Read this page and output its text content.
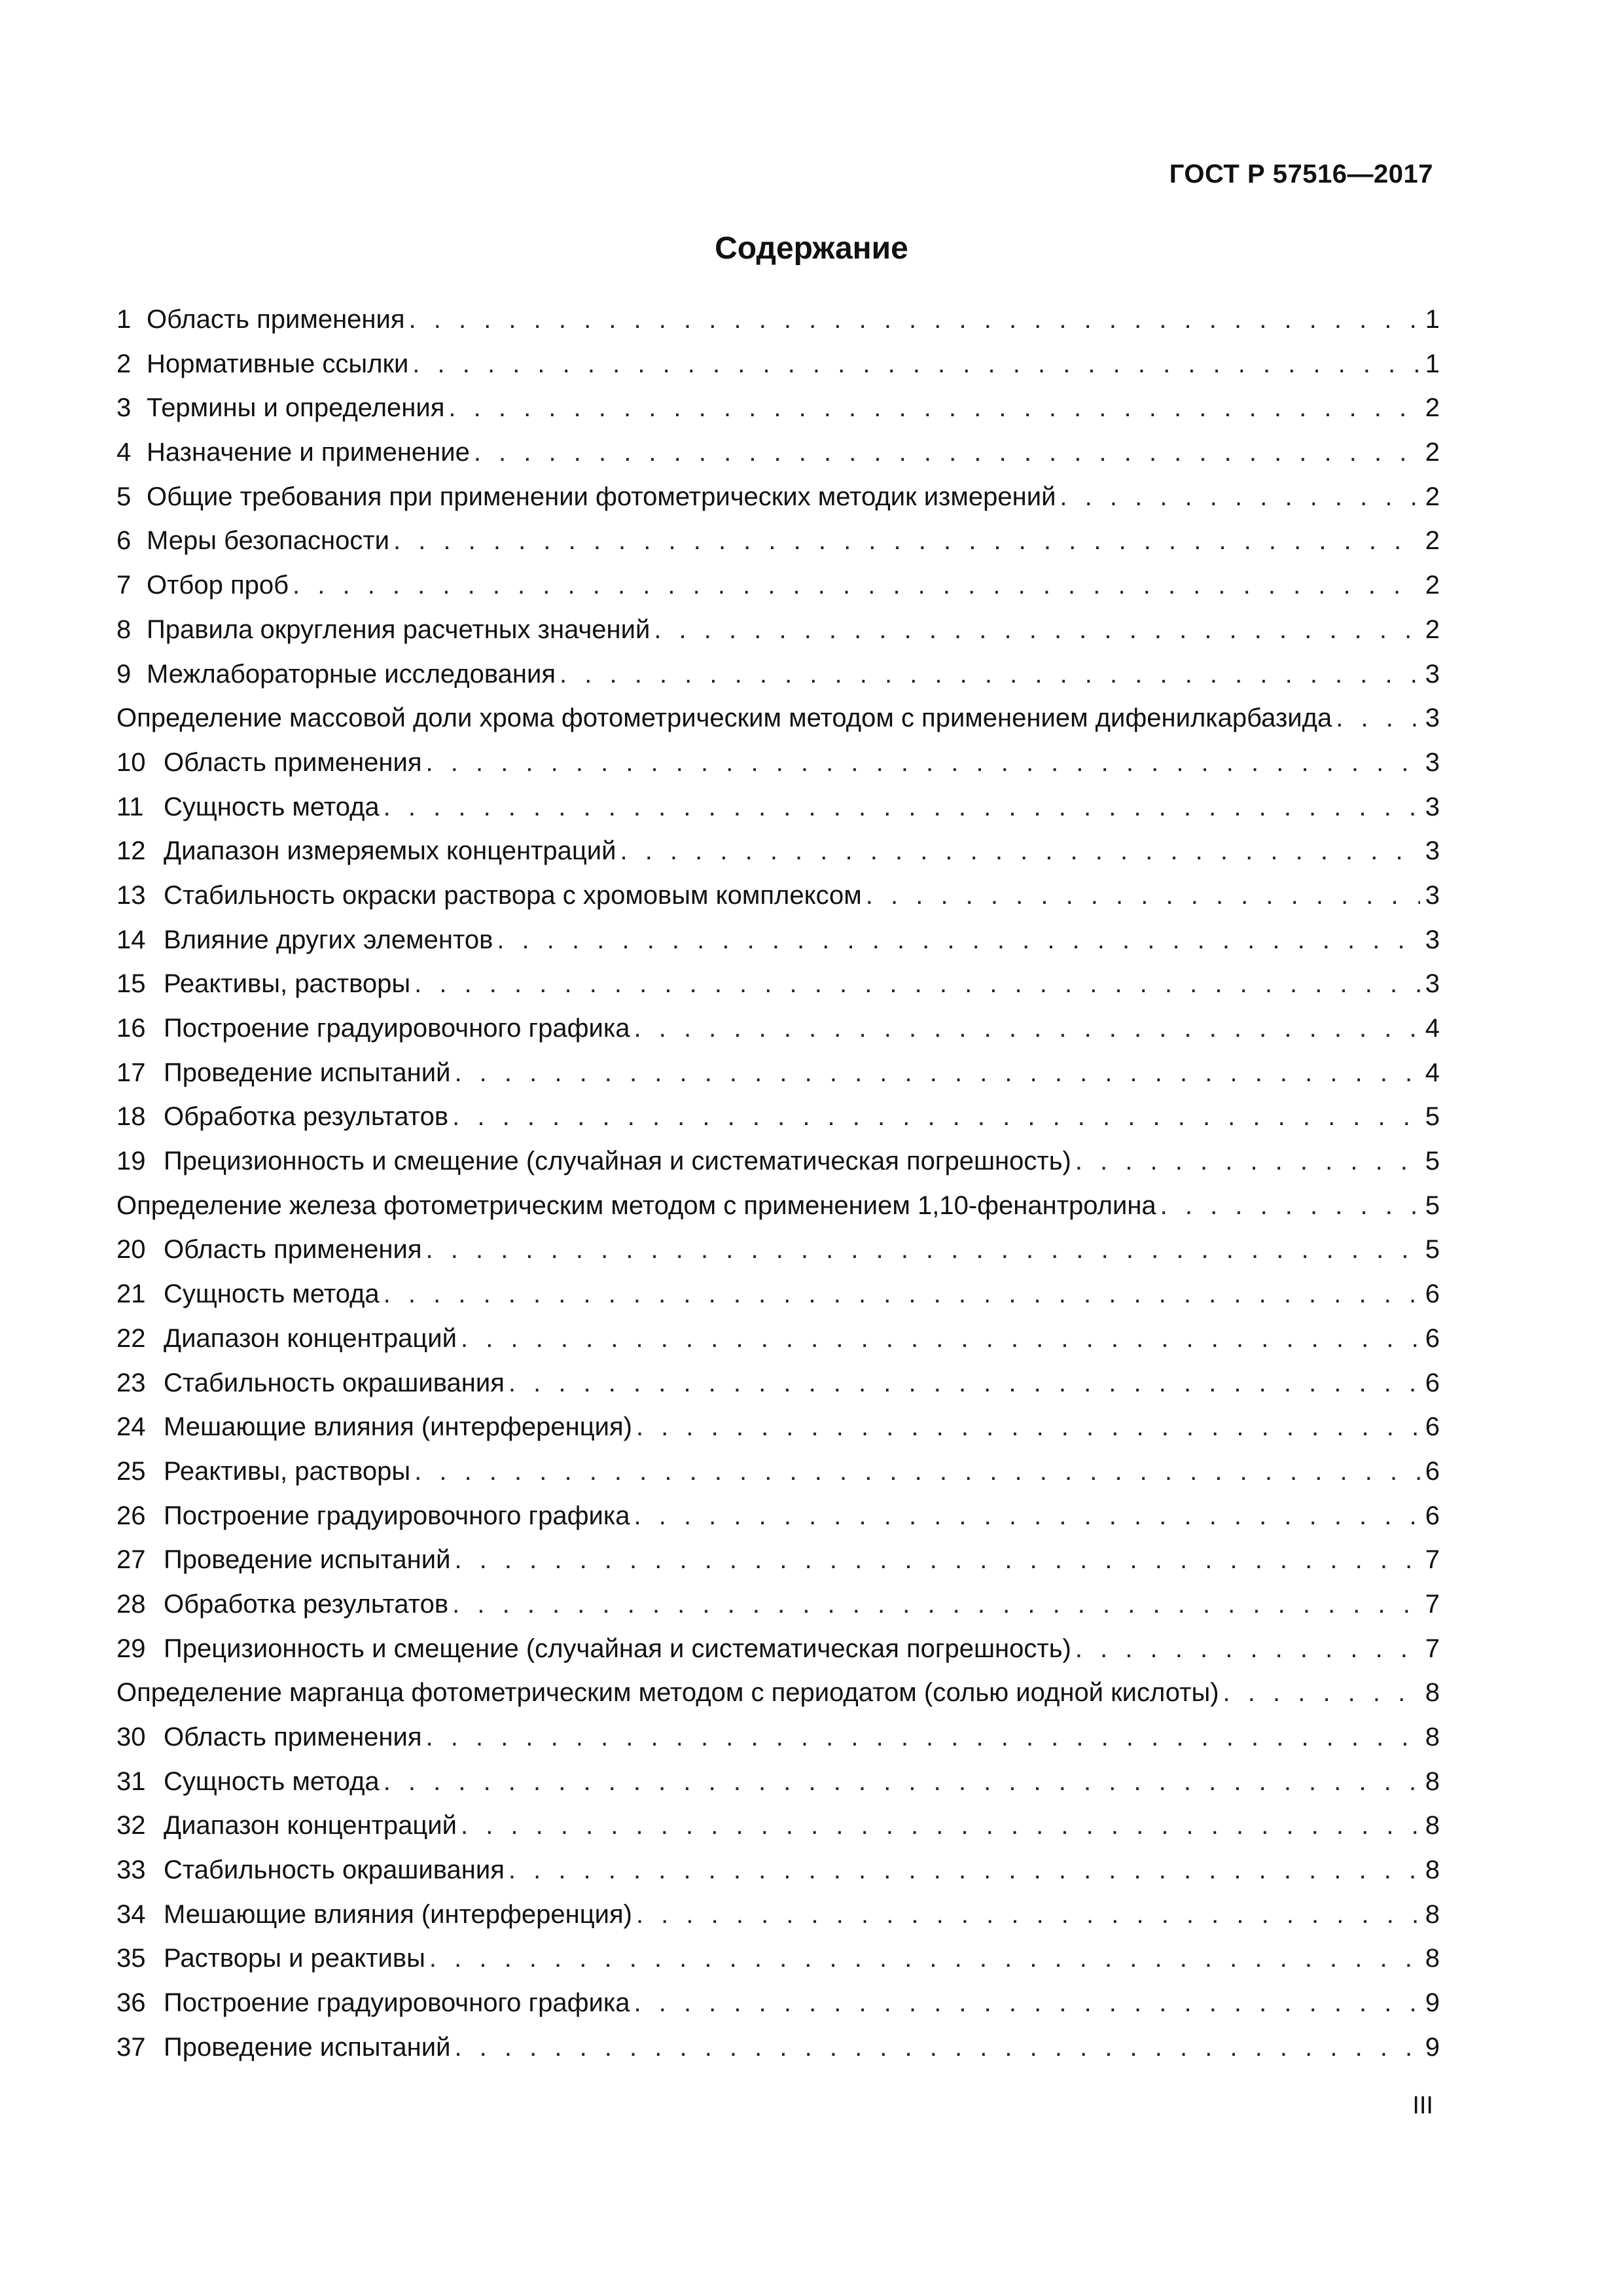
ГОСТ Р 57516—2017
Содержание
1 Область применения . . .	1
2 Нормативные ссылки . . .	1
3 Термины и определения . . .	2
4 Назначение и применение . . .	2
5 Общие требования при применении фотометрических методик измерений . . .	2
6 Меры безопасности . . .	2
7 Отбор проб . . .	2
8 Правила округления расчетных значений . . .	2
9 Межлабораторные исследования . . .	3
Определение массовой доли хрома фотометрическим методом с применением дифенилкарбазида . . .	3
10 Область применения . . .	3
11 Сущность метода . . .	3
12 Диапазон измеряемых концентраций . . .	3
13 Стабильность окраски раствора с хромовым комплексом . . .	3
14 Влияние других элементов . . .	3
15 Реактивы, растворы . . .	3
16 Построение градуировочного графика . . .	4
17 Проведение испытаний . . .	4
18 Обработка результатов . . .	5
19 Прецизионность и смещение (случайная и систематическая погрешность) . . .	5
Определение железа фотометрическим методом с применением 1,10-фенантролина . . .	5
20 Область применения . . .	5
21 Сущность метода . . .	6
22 Диапазон концентраций . . .	6
23 Стабильность окрашивания . . .	6
24 Мешающие влияния (интерференция) . . .	6
25 Реактивы, растворы . . .	6
26 Построение градуировочного графика . . .	6
27 Проведение испытаний . . .	7
28 Обработка результатов . . .	7
29 Прецизионность и смещение (случайная и систематическая погрешность) . . .	7
Определение марганца фотометрическим методом с периодатом (солью иодной кислоты) . . .	8
30 Область применения . . .	8
31 Сущность метода . . .	8
32 Диапазон концентраций . . .	8
33 Стабильность окрашивания . . .	8
34 Мешающие влияния (интерференция) . . .	8
35 Растворы и реактивы . . .	8
36 Построение градуировочного графика . . .	9
37 Проведение испытаний . . .	9
III
